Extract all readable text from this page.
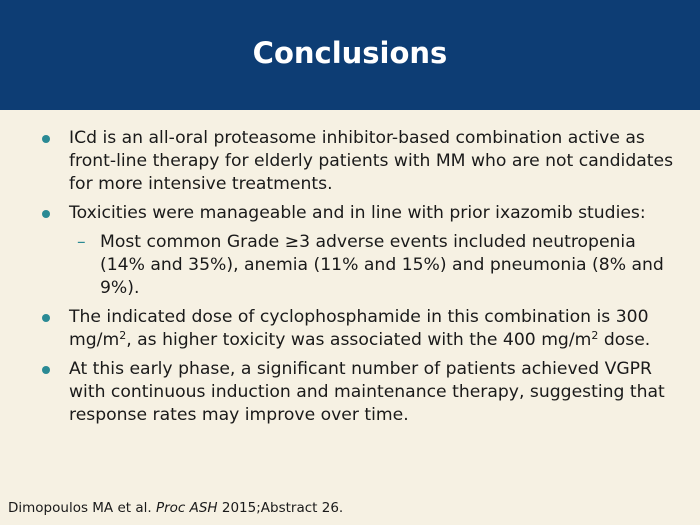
Conclusions
ICd is an all-oral proteasome inhibitor-based combination active as front-line therapy for elderly patients with MM who are not candidates for more intensive treatments.
Toxicities were manageable and in line with prior ixazomib studies:
– Most common Grade ≥3 adverse events included neutropenia (14% and 35%), anemia (11% and 15%) and pneumonia (8% and 9%).
The indicated dose of cyclophosphamide in this combination is 300 $mg/m^2$, as higher toxicity was associated with the 400 $mg/m^2$ dose.
At this early phase, a significant number of patients achieved VGPR with continuous induction and maintenance therapy, suggesting that response rates may improve over time.
Dimopoulos MA et al. Proc ASH 2015;Abstract 26.
